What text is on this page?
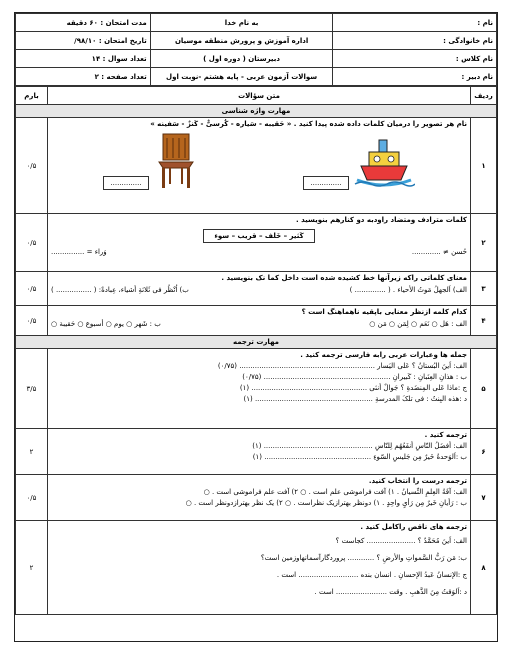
نام :	به نام خدا	مدت امتحان : ۶۰ دقیقه
نام خانوادگی :	اداره آموزش و پرورش منطقه موسیان	تاریخ امتحان : ۹۸/۱۰/
نام کلاس :	دبیرستان ( دوره اول )	تعداد سوال : ۱۴
نام دبیر :	سوالات آزمون عربی - پایه هشتم -نوبت اول	تعداد صفحه : ۲
ردیف	متن سؤالات	بارم
مهارت واژه شناسی		
۱	نام هر تصویر را درمیان کلمات داده شده پیدا کنید . « حَقیبه - سَیاره - کُرسیٌّ - کَنزٌ - سَفینه »
..............
..............	۰/۵
۲	کلمات مترادف ومتضاد راودبه دو کنارهم بنویسید .
کَثیر – خَلف – قریب – سوء
حُسن ≠ .............
وَراء = ...............	۰/۵
۳	معنای کلماتی راکه زیرآنها خط کشیده شده است داخل کما نک بنویسید .
الف) اَلجهلُ مَوتُ الأحیاء . ( .............. )
ب) اُنْظُر فی ثَلاثةِ أشیاء، عِبادةٌ: ( ................ )	۰/۵
۴	کدام کلمه ازنظر معنایی باپقیه ناهماهنگ است ؟
الف : هَل ○ نَعَم ○ لِمَن ○ مَن ○
ب : شَهر ○ یوم ○ أسبوع ○ حَقیبة ○	۰/۵
مهارت ترجمه		
۵	جمله ها وعبارات عربی رابه فارسی ترجمه کنید .
الف: اَینَ البُستانُ ؟ عَلی الیَسار ............................................................. (۰/۷۵)
ب : هذانِ العِنَبانِ : کَبیرانِ ......................................................... (۰/۷۵)
ج :ماذا عَلی المِنضَدةِ ؟ جَوالٌ أُنثی .................................................... (۱)
د :هذه البِنتُ : فی تلکَ المدرسةِ ..................................................... (۱)	۳/۵
۶	ترجمه کنید .
الف: أفضَلُ النّاسِ أنفَعُهُم لِلنّاسِ ................................................. (۱)
ب :اَلوَحدةُ خَیرٌ مِن جَلیسِ السّوءِ ................................................ (۱)	۲
۷	ترجمه درست را انتخاب کنید.
الف: آفَةُ العِلمِ النِّسیانُ . ۱) آفت فراموشی علم است . ○ ۲) آفت علم فراموشی است . ○
ب : رَأیانِ خَیرٌ مِن رَأیٍ واحِدٍ . ۱) دونظر بهترازیک نظراست . ○ ۲) یک نظر بهترازدونظر است . ○	۰/۵
۸	ترجمه های ناقص راکامل کنید .
الف: اَینَ مُحَمَّدٌ ؟ ...................... کجاست ؟
ب: مَن رَبُّ السَّمواتِ والأرضِ ؟ ............ پروردگارآسمانهاوزمین است؟
ج :الإنسانُ عَبدُ الإحسانِ . انسان بنده ........................... است .
د :اَلوَقتُ مِنَ الذَّهبِ . وقت ....................... است .	۲
